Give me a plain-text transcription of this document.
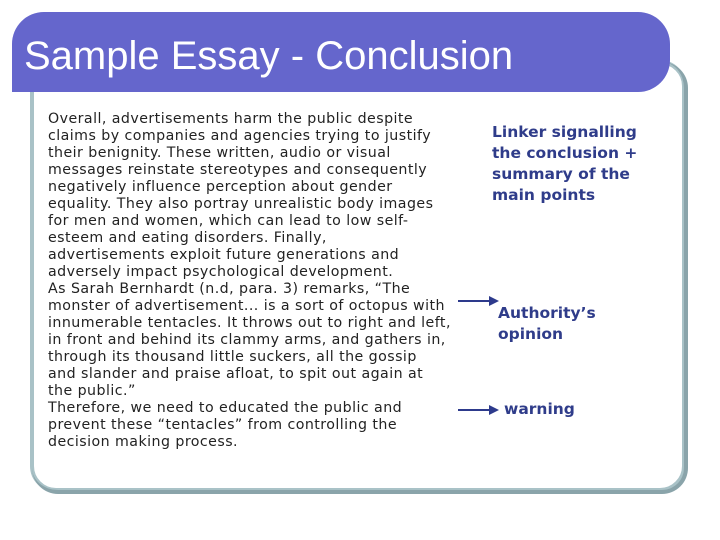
Sample Essay - Conclusion
Overall, advertisements harm the public despite
claims by companies and agencies trying to justify
their benignity. These written, audio or visual
messages reinstate stereotypes and consequently
negatively influence perception about gender
equality. They also portray unrealistic body images
for men and women, which can lead to low self-
esteem and eating disorders. Finally,
advertisements exploit future generations and
adversely impact psychological development.
As Sarah Bernhardt (n.d, para. 3) remarks, “The
monster of advertisement... is a sort of octopus with
innumerable tentacles. It throws out to right and left,
in front and behind its clammy arms, and gathers in,
through its thousand little suckers, all the gossip
and slander and praise afloat, to spit out again at
the public.”
Therefore, we need to educated the public and
prevent these “tentacles” from controlling the
decision making process.
Linker signalling
the conclusion +
summary of the
main points
Authority’s
opinion
warning
